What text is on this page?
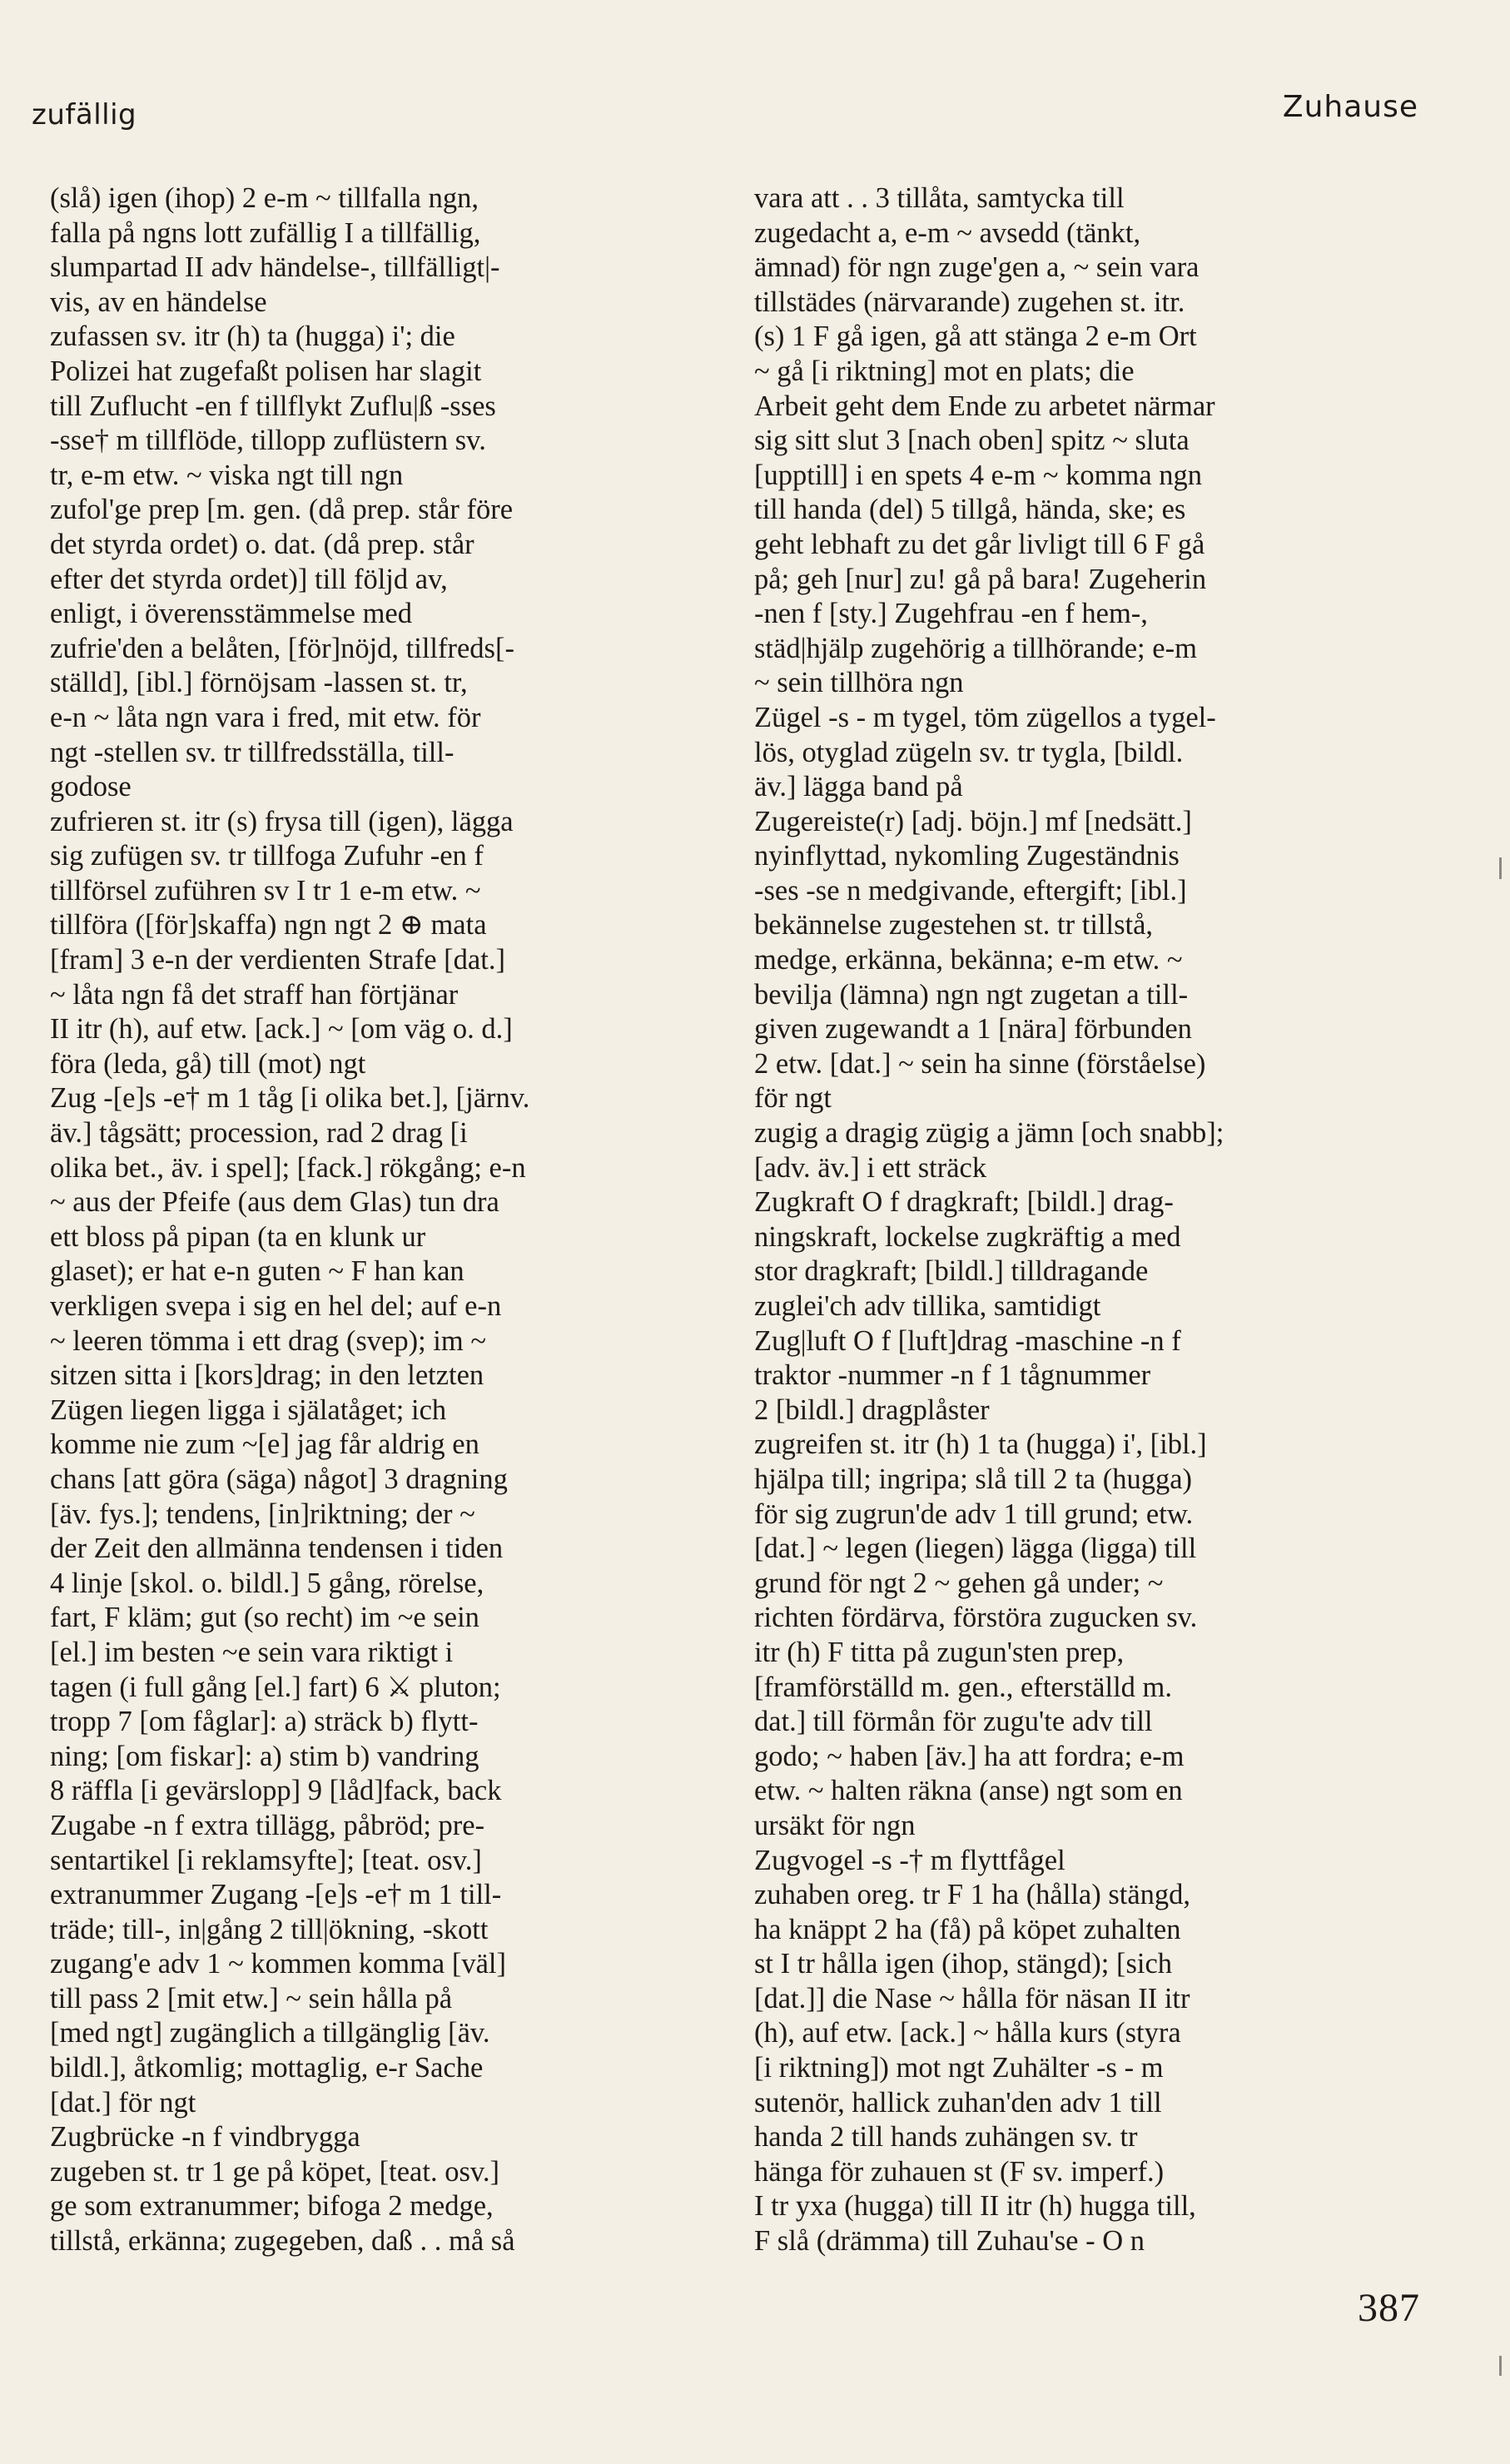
zufällig	Zuhause
(slå) igen (ihop) 2 e-m ~ tillfalla ngn,
falla på ngns lott zufällig I a tillfällig,
slumpartad II adv händelse-, tillfälligt|-
vis, av en händelse
zufassen sv. itr (h) ta (hugga) i'; die
Polizei hat zugefaßt polisen har slagit
till Zuflucht -en f tillflykt Zuflu|ß -sses
-sse† m tillflöde, tillopp zuflüstern sv.
tr, e-m etw. ~ viska ngt till ngn
zufol'ge prep [m. gen. (då prep. står före
det styrda ordet) o. dat. (då prep. står
efter det styrda ordet)] till följd av,
enligt, i överensstämmelse med
zufrie'den a belåten, [för]nöjd, tillfreds[-
ställd], [ibl.] förnöjsam -lassen st. tr,
e-n ~ låta ngn vara i fred, mit etw. för
ngt -stellen sv. tr tillfredsställa, till-
godose
zufrieren st. itr (s) frysa till (igen), lägga
sig zufügen sv. tr tillfoga Zufuhr -en f
tillförsel zuführen sv I tr 1 e-m etw. ~
tillföra ([för]skaffa) ngn ngt 2 ⊕ mata
[fram] 3 e-n der verdienten Strafe [dat.]
~ låta ngn få det straff han förtjänar
II itr (h), auf etw. [ack.] ~ [om väg o. d.]
föra (leda, gå) till (mot) ngt
Zug -[e]s -e† m 1 tåg [i olika bet.], [järnv.
äv.] tågsätt; procession, rad 2 drag [i
olika bet., äv. i spel]; [fack.] rökgång; e-n
~ aus der Pfeife (aus dem Glas) tun dra
ett bloss på pipan (ta en klunk ur
glaset); er hat e-n guten ~ F han kan
verkligen svepa i sig en hel del; auf e-n
~ leeren tömma i ett drag (svep); im ~
sitzen sitta i [kors]drag; in den letzten
Zügen liegen ligga i själatåget; ich
komme nie zum ~[e] jag får aldrig en
chans [att göra (säga) något] 3 dragning
[äv. fys.]; tendens, [in]riktning; der ~
der Zeit den allmänna tendensen i tiden
4 linje [skol. o. bildl.] 5 gång, rörelse,
fart, F kläm; gut (so recht) im ~e sein
[el.] im besten ~e sein vara riktigt i
tagen (i full gång [el.] fart) 6 ⚔ pluton;
tropp 7 [om fåglar]: a) sträck b) flytt-
ning; [om fiskar]: a) stim b) vandring
8 räffla [i gevärslopp] 9 [låd]fack, back
Zugabe -n f extra tillägg, påbröd; pre-
sentartikel [i reklamsyfte]; [teat. osv.]
extranummer Zugang -[e]s -e† m 1 till-
träde; till-, in|gång 2 till|ökning, -skott
zugang'e adv 1 ~ kommen komma [väl]
till pass 2 [mit etw.] ~ sein hålla på
[med ngt] zugänglich a tillgänglig [äv.
bildl.], åtkomlig; mottaglig, e-r Sache
[dat.] för ngt
Zugbrücke -n f vindbrygga
zugeben st. tr 1 ge på köpet, [teat. osv.]
ge som extranummer; bifoga 2 medge,
tillstå, erkänna; zugegeben, daß . . må så
vara att . . 3 tillåta, samtycka till
zugedacht a, e-m ~ avsedd (tänkt,
ämnad) för ngn zuge'gen a, ~ sein vara
tillstädes (närvarande) zugehen st. itr.
(s) 1 F gå igen, gå att stänga 2 e-m Ort
~ gå [i riktning] mot en plats; die
Arbeit geht dem Ende zu arbetet närmar
sig sitt slut 3 [nach oben] spitz ~ sluta
[upptill] i en spets 4 e-m ~ komma ngn
till handa (del) 5 tillgå, hända, ske; es
geht lebhaft zu det går livligt till 6 F gå
på; geh [nur] zu! gå på bara! Zugeherin
-nen f [sty.] Zugehfrau -en f hem-,
städ|hjälp zugehörig a tillhörande; e-m
~ sein tillhöra ngn
Zügel -s - m tygel, töm zügellos a tygel-
lös, otyglad zügeln sv. tr tygla, [bildl.
äv.] lägga band på
Zugereiste(r) [adj. böjn.] mf [nedsätt.]
nyinflyttad, nykomling Zugeständnis
-ses -se n medgivande, eftergift; [ibl.]
bekännelse zugestehen st. tr tillstå,
medge, erkänna, bekänna; e-m etw. ~
bevilja (lämna) ngn ngt zugetan a till-
given zugewandt a 1 [nära] förbunden
2 etw. [dat.] ~ sein ha sinne (förståelse)
för ngt
zugig a dragig zügig a jämn [och snabb];
[adv. äv.] i ett sträck
Zugkraft O f dragkraft; [bildl.] drag-
ningskraft, lockelse zugkräftig a med
stor dragkraft; [bildl.] tilldragande
zuglei'ch adv tillika, samtidigt
Zug|luft O f [luft]drag -maschine -n f
traktor -nummer -n f 1 tågnummer
2 [bildl.] dragplåster
zugreifen st. itr (h) 1 ta (hugga) i', [ibl.]
hjälpa till; ingripa; slå till 2 ta (hugga)
för sig zugrun'de adv 1 till grund; etw.
[dat.] ~ legen (liegen) lägga (ligga) till
grund för ngt 2 ~ gehen gå under; ~
richten fördärva, förstöra zugucken sv.
itr (h) F titta på zugun'sten prep,
[framförställd m. gen., efterställd m.
dat.] till förmån för zugu'te adv till
godo; ~ haben [äv.] ha att fordra; e-m
etw. ~ halten räkna (anse) ngt som en
ursäkt för ngn
Zugvogel -s -† m flyttfågel
zuhaben oreg. tr F 1 ha (hålla) stängd,
ha knäppt 2 ha (få) på köpet zuhalten
st I tr hålla igen (ihop, stängd); [sich
[dat.]] die Nase ~ hålla för näsan II itr
(h), auf etw. [ack.] ~ hålla kurs (styra
[i riktning]) mot ngt Zuhälter -s - m
sutenör, hallick zuhan'den adv 1 till
handa 2 till hands zuhängen sv. tr
hänga för zuhauen st (F sv. imperf.)
I tr yxa (hugga) till II itr (h) hugga till,
F slå (drämma) till Zuhau'se - O n
387
